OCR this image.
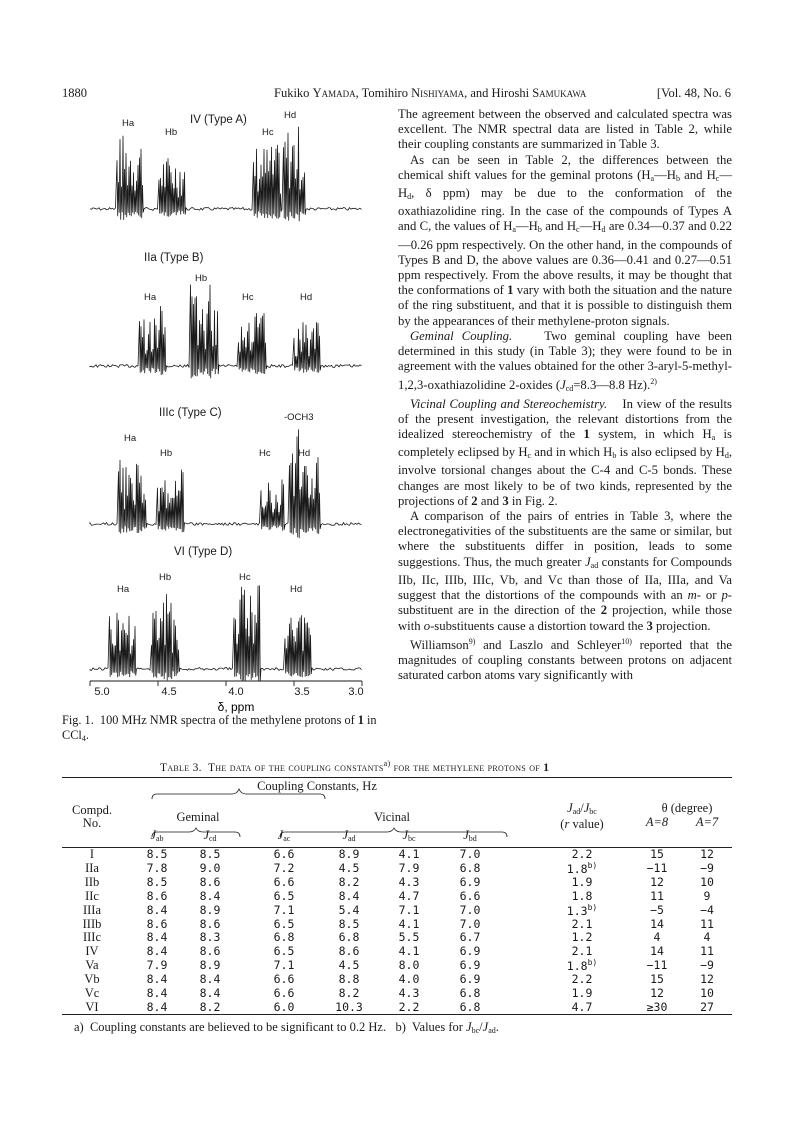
1880	Fukiko Yamada, Tomihiro Nishiyama, and Hiroshi Samukawa	[Vol. 48, No. 6
IV (Type A)
Ha
Hb	Hc
Hd
IIa (Type B)
Hb
Ha	Hc	Hd
IIIc (Type C)	-OCH3
Ha
Hb	Hc	Hd
VI (Type D)
Hb	Hc
Ha	Hd
5.0	4.5	4.0	3.5	3.0
δ, ppm
Fig. 1.  100 MHz NMR spectra of the methylene protons of 1 in CCl$_4$.

The agreement between the observed and calculated spectra was excellent. The NMR spectral data are listed in Table 2, while their coupling constants are summarized in Table 3.

As can be seen in Table 2, the differences between the chemical shift values for the geminal protons ($H_a—H_b$ and $H_c—H_d$, δ ppm) may be due to the conformation of the oxathiazolidine ring. In the case of the compounds of Types A and C, the values of $H_a—H_b$ and $H_c—H_d$ are 0.34—0.37 and 0.22—0.26 ppm respectively. On the other hand, in the compounds of Types B and D, the above values are 0.36—0.41 and 0.27—0.51 ppm respectively. From the above results, it may be thought that the conformations of 1 vary with both the situation and the nature of the ring substituent, and that it is possible to distinguish them by the appearances of their methylene-proton signals.

Geminal Coupling.    Two geminal coupling have been determined in this study (in Table 3); they were found to be in agreement with the values obtained for the other 3-aryl-5-methyl-1,2,3-oxathiazolidine 2-oxides ($J_{cd}=8.3—8.8$ Hz).$^{2)}$

Vicinal Coupling and Stereochemistry.    In view of the results of the present investigation, the relevant distortions from the idealized stereochemistry of the 1 system, in which $H_a$ is completely eclipsed by $H_c$ and in which $H_b$ is also eclipsed by $H_d$, involve torsional changes about the C-4 and C-5 bonds. These changes are most likely to be of two kinds, represented by the projections of 2 and 3 in Fig. 2.

A comparison of the pairs of entries in Table 3, where the electronegativities of the substituents are the same or similar, but where the substituents differ in position, leads to some suggestions. Thus, the much greater $J_{ad}$ constants for Compounds IIb, IIc, IIIb, IIIc, Vb, and Vc than those of IIa, IIIa, and Va suggest that the distortions of the compounds with an m- or p-substituent are in the direction of the 2 projection, while those with o-substituents cause a distortion toward the 3 projection.

Williamson$^{9)}$ and Laszlo and Schleyer$^{10)}$ reported that the magnitudes of coupling constants between protons on adjacent saturated carbon atoms vary significantly with

Table 3.  The data of the coupling constants$^{a)}$ for the methylene protons of 1
Coupling Constants, Hz
Compd.
No.	Geminal	Vicinal
$J_{ad}/J_{bc}$
(r value)
θ (degree)
A=8	A=7
$J_{ab}$	$J_{cd}$	$J_{ac}$	$J_{ad}$	$J_{bc}$	$J_{bd}$
I	8.5	8.5	6.6	8.9	4.1	7.0	2.2	15	12
IIa	7.8	9.0	7.2	4.5	7.9	6.8	$1.8^{b)}$	−11	−9
IIb	8.5	8.6	6.6	8.2	4.3	6.9	1.9	12	10
IIc	8.6	8.4	6.5	8.4	4.7	6.6	1.8	11	9
IIIa	8.4	8.9	7.1	5.4	7.1	7.0	$1.3^{b)}$	−5	−4
IIIb	8.6	8.6	6.5	8.5	4.1	7.0	2.1	14	11
IIIc	8.4	8.3	6.8	6.8	5.5	6.7	1.2	4	4
IV	8.4	8.6	6.5	8.6	4.1	6.9	2.1	14	11
Va	7.9	8.9	7.1	4.5	8.0	6.9	$1.8^{b)}$	−11	−9
Vb	8.4	8.4	6.6	8.8	4.0	6.9	2.2	15	12
Vc	8.4	8.4	6.6	8.2	4.3	6.8	1.9	12	10
VI	8.4	8.2	6.0	10.3	2.2	6.8	4.7	≥30	27
a)  Coupling constants are believed to be significant to 0.2 Hz.   b)  Values for $J_{bc}/J_{ad}$.
